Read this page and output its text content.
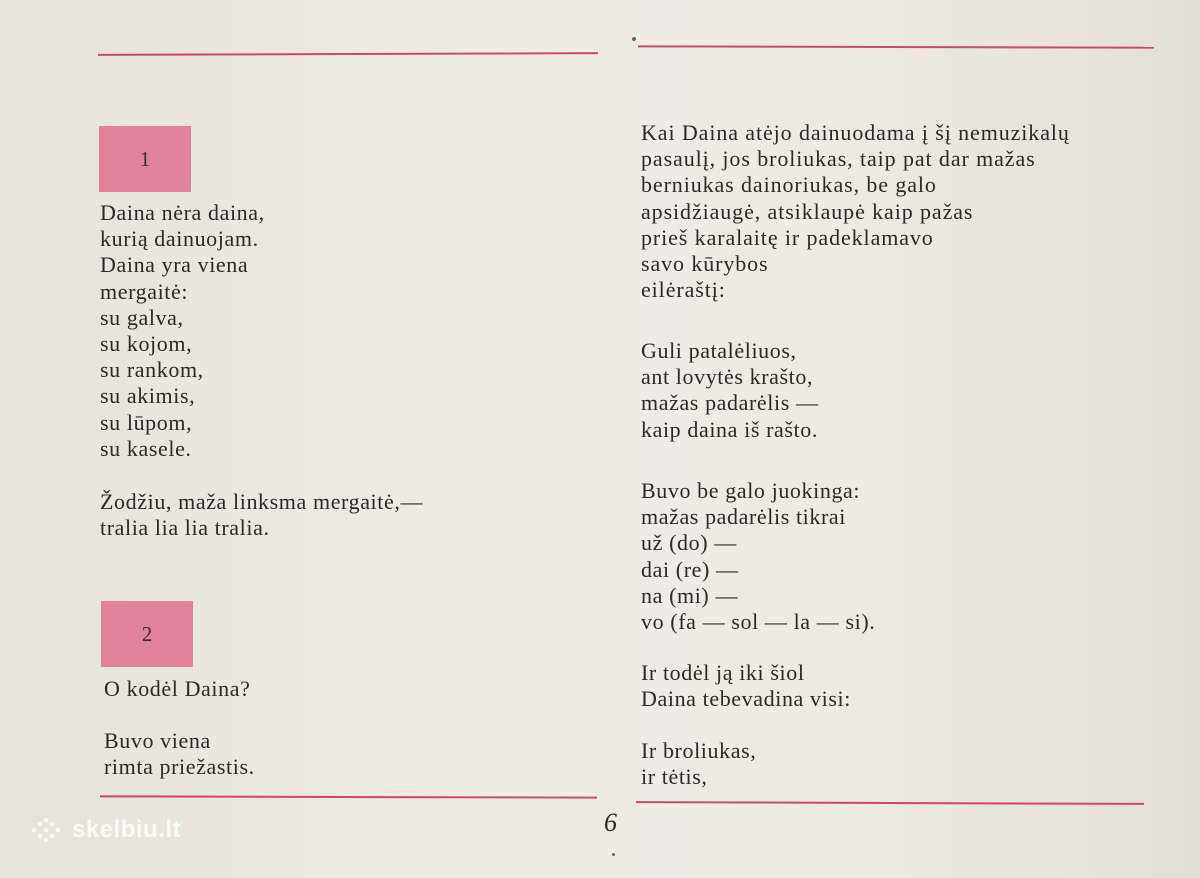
1
Daina nėra daina,
kurią dainuojam.
Daina yra viena
mergaitė:
su galva,
su kojom,
su rankom,
su akimis,
su lūpom,
su kasele.
Žodžiu, maža linksma mergaitė,—
tralia lia lia tralia.
2
O kodėl Daina?
Buvo viena
rimta priežastis.
Kai Daina atėjo dainuodama į šį nemuzikalų
pasaulį, jos broliukas, taip pat dar mažas
berniukas dainoriukas, be galo
apsidžiaugė, atsiklaupė kaip pažas
prieš karalaitę ir padeklamavo
savo kūrybos
eilėraštį:
Guli patalėliuos,
ant lovytės krašto,
mažas padarėlis —
kaip daina iš rašto.
Buvo be galo juokinga:
mažas padarėlis tikrai
už (do) —
dai (re) —
na (mi) —
vo (fa — sol — la — si).
Ir todėl ją iki šiol
Daina tebevadina visi:
Ir broliukas,
ir tėtis,
6
skelbiu.lt
